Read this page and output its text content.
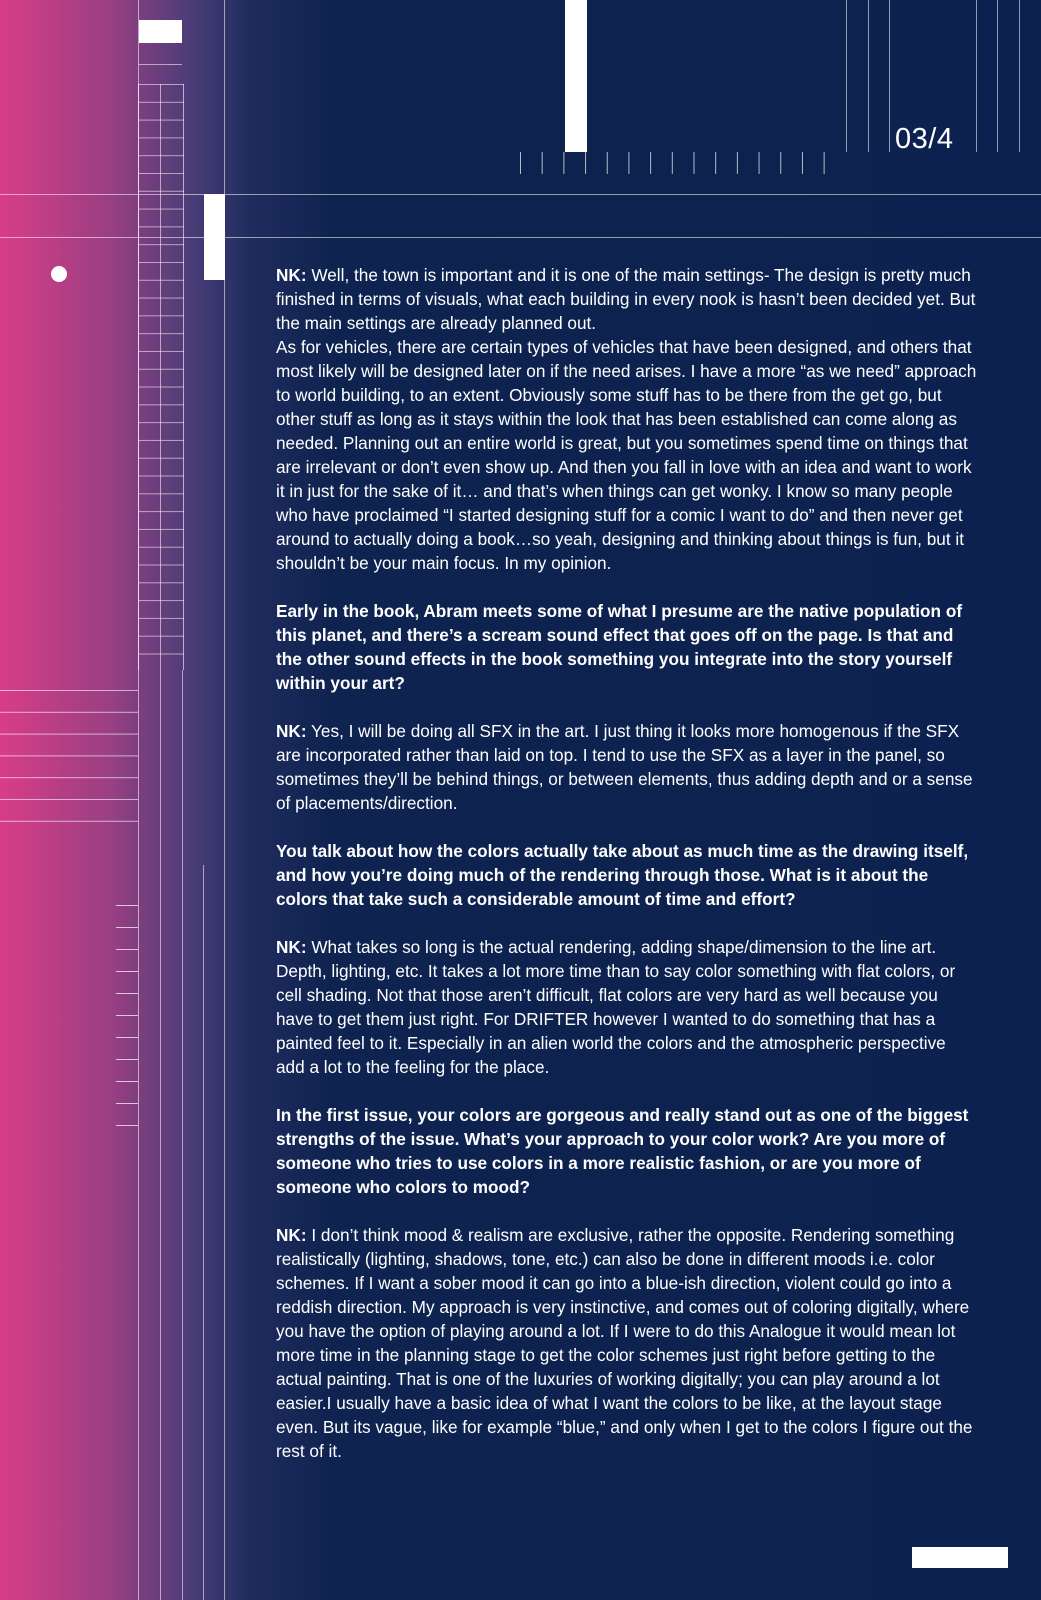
03/4

NK: Well, the town is important and it is one of the main settings- The design is pretty much finished in terms of visuals, what each building in every nook is hasn’t been decided yet. But the main settings are already planned out.
As for vehicles, there are certain types of vehicles that have been designed, and others that most likely will be designed later on if the need arises. I have a more “as we need” approach to world building, to an extent. Obviously some stuff has to be there from the get go, but other stuff as long as it stays within the look that has been established can come along as needed. Planning out an entire world is great, but you sometimes spend time on things that are irrelevant or don’t even show up. And then you fall in love with an idea and want to work it in just for the sake of it… and that’s when things can get wonky. I know so many people who have proclaimed “I started designing stuff for a comic I want to do” and then never get around to actually doing a book…so yeah, designing and thinking about things is fun, but it shouldn’t be your main focus. In my opinion.

Early in the book, Abram meets some of what I presume are the native population of this planet, and there’s a scream sound effect that goes off on the page. Is that and the other sound effects in the book something you integrate into the story yourself within your art?

NK: Yes, I will be doing all SFX in the art. I just thing it looks more homogenous if the SFX are incorporated rather than laid on top. I tend to use the SFX as a layer in the panel, so sometimes they’ll be behind things, or between elements, thus adding depth and or a sense of placements/direction.

You talk about how the colors actually take about as much time as the drawing itself, and how you’re doing much of the rendering through those. What is it about the colors that take such a considerable amount of time and effort?

NK: What takes so long is the actual rendering, adding shape/dimension to the line art. Depth, lighting, etc. It takes a lot more time than to say color something with flat colors, or cell shading. Not that those aren’t difficult, flat colors are very hard as well because you have to get them just right. For DRIFTER however I wanted to do something that has a painted feel to it. Especially in an alien world the colors and the atmospheric perspective add a lot to the feeling for the place.

In the first issue, your colors are gorgeous and really stand out as one of the biggest strengths of the issue. What’s your approach to your color work? Are you more of someone who tries to use colors in a more realistic fashion, or are you more of someone who colors to mood?

NK: I don’t think mood & realism are exclusive, rather the opposite. Rendering something realistically (lighting, shadows, tone, etc.) can also be done in different moods i.e. color schemes. If I want a sober mood it can go into a blue-ish direction, violent could go into a reddish direction. My approach is very instinctive, and comes out of coloring digitally, where you have the option of playing around a lot. If I were to do this Analogue it would mean lot more time in the planning stage to get the color schemes just right before getting to the actual painting. That is one of the luxuries of working digitally; you can play around a lot easier.I usually have a basic idea of what I want the colors to be like, at the layout stage even. But its vague, like for example “blue,” and only when I get to the colors I figure out the rest of it.
